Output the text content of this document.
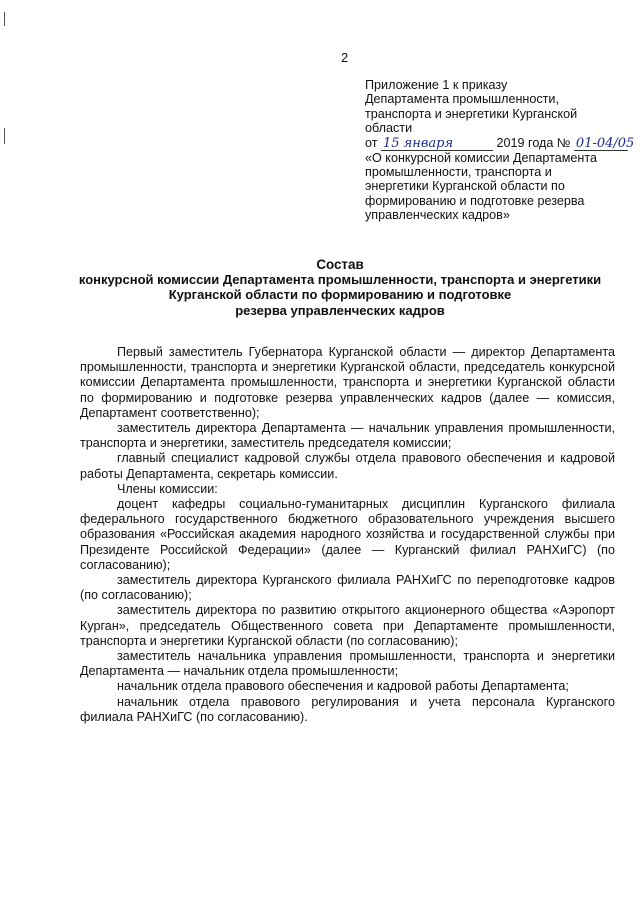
2
Приложение 1 к приказу
Департамента промышленности,
транспорта и энергетики Курганской
области
от 15 января	2019 года № 01-04/05
«О конкурсной комиссии Департамента
промышленности, транспорта и
энергетики Курганской области по
формированию и подготовке резерва
управленческих кадров»
Состав
конкурсной комиссии Департамента промышленности, транспорта и энергетики
Курганской области по формированию и подготовке
резерва управленческих кадров

Первый заместитель Губернатора Курганской области — директор Департамента промышленности, транспорта и энергетики Курганской области, председатель конкурсной комиссии Департамента промышленности, транспорта и энергетики Курганской области по формированию и подготовке резерва управленческих кадров (далее — комиссия, Департамент соответственно);

заместитель директора Департамента — начальник управления промышленности, транспорта и энергетики, заместитель председателя комиссии;

главный специалист кадровой службы отдела правового обеспечения и кадровой работы Департамента, секретарь комиссии.

Члены комиссии:

доцент кафедры социально-гуманитарных дисциплин Курганского филиала федерального государственного бюджетного образовательного учреждения высшего образования «Российская академия народного хозяйства и государственной службы при Президенте Российской Федерации» (далее — Курганский филиал РАНХиГС) (по согласованию);

заместитель директора Курганского филиала РАНХиГС по переподготовке кадров (по согласованию);

заместитель директора по развитию открытого акционерного общества «Аэропорт Курган», председатель Общественного совета при Департаменте промышленности, транспорта и энергетики Курганской области (по согласованию);

заместитель начальника управления промышленности, транспорта и энергетики Департамента — начальник отдела промышленности;

начальник отдела правового обеспечения и кадровой работы Департамента;

начальник отдела правового регулирования и учета персонала Курганского филиала РАНХиГС (по согласованию).
